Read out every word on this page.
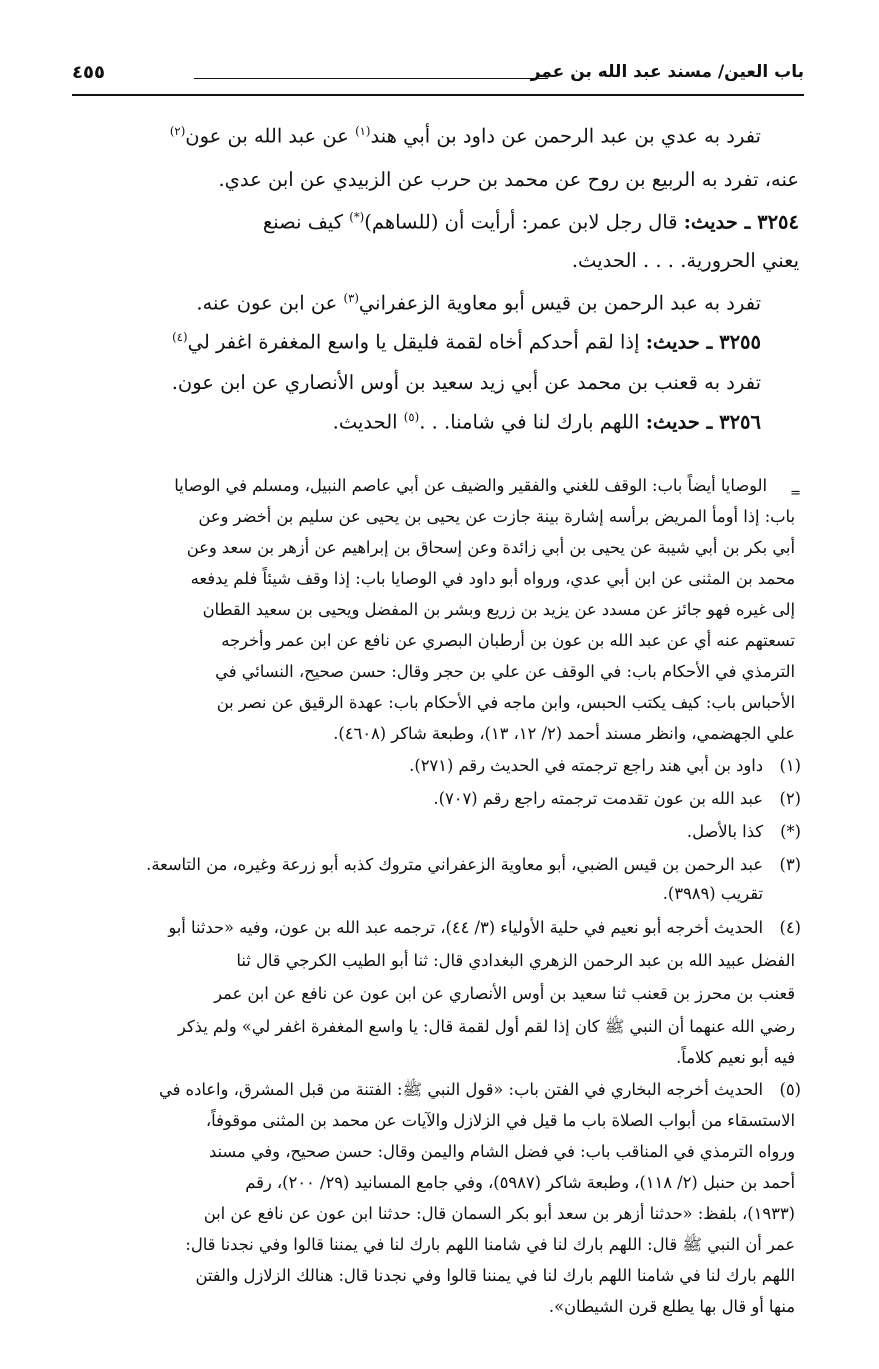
باب العين/ مسند عبد الله بن عمر
٤٥٥
تفرد به عدي بن عبد الرحمن عن داود بن أبي هند$^{(١)}$ عن عبد الله بن عون$^{(٢)}$
عنه، تفرد به الربيع بن روح عن محمد بن حرب عن الزبيدي عن ابن عدي.
٣٢٥٤ ـ حديث: قال رجل لابن عمر: أرأيت أن (للساهم)(*) كيف نصنع
يعني الحرورية. . . . الحديث.
تفرد به عبد الرحمن بن قيس أبو معاوية الزعفراني$^{(٣)}$ عن ابن عون عنه.
٣٢٥٥ ـ حديث: إذا لقم أحدكم أخاه لقمة فليقل يا واسع المغفرة اغفر لي$^{(٤)}$
تفرد به قعنب بن محمد عن أبي زيد سعيد بن أوس الأنصاري عن ابن عون.
٣٢٥٦ ـ حديث: اللهم بارك لنا في شامنا. . .$^{(٥)}$ الحديث.
=
الوصايا أيضاً باب: الوقف للغني والفقير والضيف عن أبي عاصم النبيل، ومسلم في الوصايا
باب: إذا أومأ المريض برأسه إشارة بينة جازت عن يحيى بن يحيى عن سليم بن أخضر وعن
أبي بكر بن أبي شيبة عن يحيى بن أبي زائدة وعن إسحاق بن إبراهيم عن أزهر بن سعد وعن
محمد بن المثنى عن ابن أبي عدي، ورواه أبو داود في الوصايا باب: إذا وقف شيئاً فلم يدفعه
إلى غيره فهو جائز عن مسدد عن يزيد بن زريع وبشر بن المفضل ويحيى بن سعيد القطان
تسعتهم عنه أي عن عبد الله بن عون بن أرطبان البصري عن نافع عن ابن عمر وأخرجه
الترمذي في الأحكام باب: في الوقف عن علي بن حجر وقال: حسن صحيح، النسائي في
الأحباس باب: كيف يكتب الحبس، وابن ماجه في الأحكام باب: عهدة الرقيق عن نصر بن
علي الجهضمي، وانظر مسند أحمد (٢/ ١٢، ١٣)، وطبعة شاكر (٤٦٠٨).
(١)
داود بن أبي هند راجع ترجمته في الحديث رقم (٢٧١).
(٢)
عبد الله بن عون تقدمت ترجمته راجع رقم (٧٠٧).
(*)
كذا بالأصل.
(٣)
عبد الرحمن بن قيس الضبي، أبو معاوية الزعفراني متروك كذبه أبو زرعة وغيره، من التاسعة.
تقريب (٣٩٨٩).
(٤)
الحديث أخرجه أبو نعيم في حلية الأولياء (٣/ ٤٤)، ترجمه عبد الله بن عون، وفيه «حدثنا أبو
الفضل عبيد الله بن عبد الرحمن الزهري البغدادي قال: ثنا أبو الطيب الكرجي قال ثنا
قعنب بن محرز بن قعنب ثنا سعيد بن أوس الأنصاري عن ابن عون عن نافع عن ابن عمر
رضي الله عنهما أن النبي ﷺ كان إذا لقم أول لقمة قال: يا واسع المغفرة اغفر لي» ولم يذكر
فيه أبو نعيم كلاماً.
(٥)
الحديث أخرجه البخاري في الفتن باب: «قول النبي ﷺ: الفتنة من قبل المشرق، واعاده في
الاستسقاء من أبواب الصلاة باب ما قيل في الزلازل والآيات عن محمد بن المثنى موقوفاً،
ورواه الترمذي في المناقب باب: في فضل الشام واليمن وقال: حسن صحيح، وفي مسند
أحمد بن حنبل (٢/ ١١٨)، وطبعة شاكر (٥٩٨٧)، وفي جامع المسانيد (٢٩/ ٢٠٠)، رقم
(١٩٣٣)، بلفظ: «حدثنا أزهر بن سعد أبو بكر السمان قال: حدثنا ابن عون عن نافع عن ابن
عمر أن النبي ﷺ قال: اللهم بارك لنا في شامنا اللهم بارك لنا في يمننا قالوا وفي نجدنا قال:
اللهم بارك لنا في شامنا اللهم بارك لنا في يمننا قالوا وفي نجدنا قال: هنالك الزلازل والفتن
منها أو قال بها يطلع قرن الشيطان».
